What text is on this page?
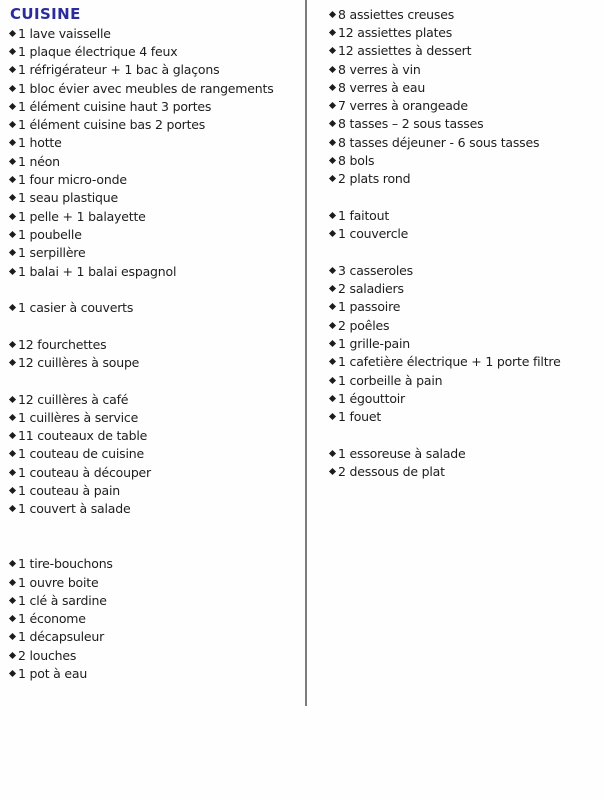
CUISINE
1 lave vaisselle
1 plaque électrique 4 feux
1 réfrigérateur + 1 bac à glaçons
1 bloc évier avec meubles de rangements
1 élément cuisine haut 3 portes
1 élément cuisine bas 2 portes
1 hotte
1 néon
1 four micro-onde
1 seau plastique
1 pelle + 1 balayette
1 poubelle
1 serpillère
1 balai + 1 balai espagnol
1 casier à couverts
12 fourchettes
12 cuillères à soupe
12 cuillères à café
1 cuillères à service
11 couteaux de table
1 couteau de cuisine
1 couteau à découper
1 couteau à pain
1 couvert à salade
1 tire-bouchons
1 ouvre boite
1 clé à sardine
1 économe
1 décapsuleur
2 louches
1 pot à eau
8 assiettes creuses
12 assiettes plates
12 assiettes à dessert
8 verres à vin
8 verres à eau
7 verres à orangeade
8 tasses – 2 sous tasses
8 tasses déjeuner - 6 sous tasses
8 bols
2 plats rond
1 faitout
1 couvercle
3 casseroles
2 saladiers
1 passoire
2 poêles
1 grille-pain
1 cafetière électrique + 1 porte filtre
1 corbeille à pain
1 égouttoir
1 fouet
1 essoreuse à salade
2 dessous de plat
